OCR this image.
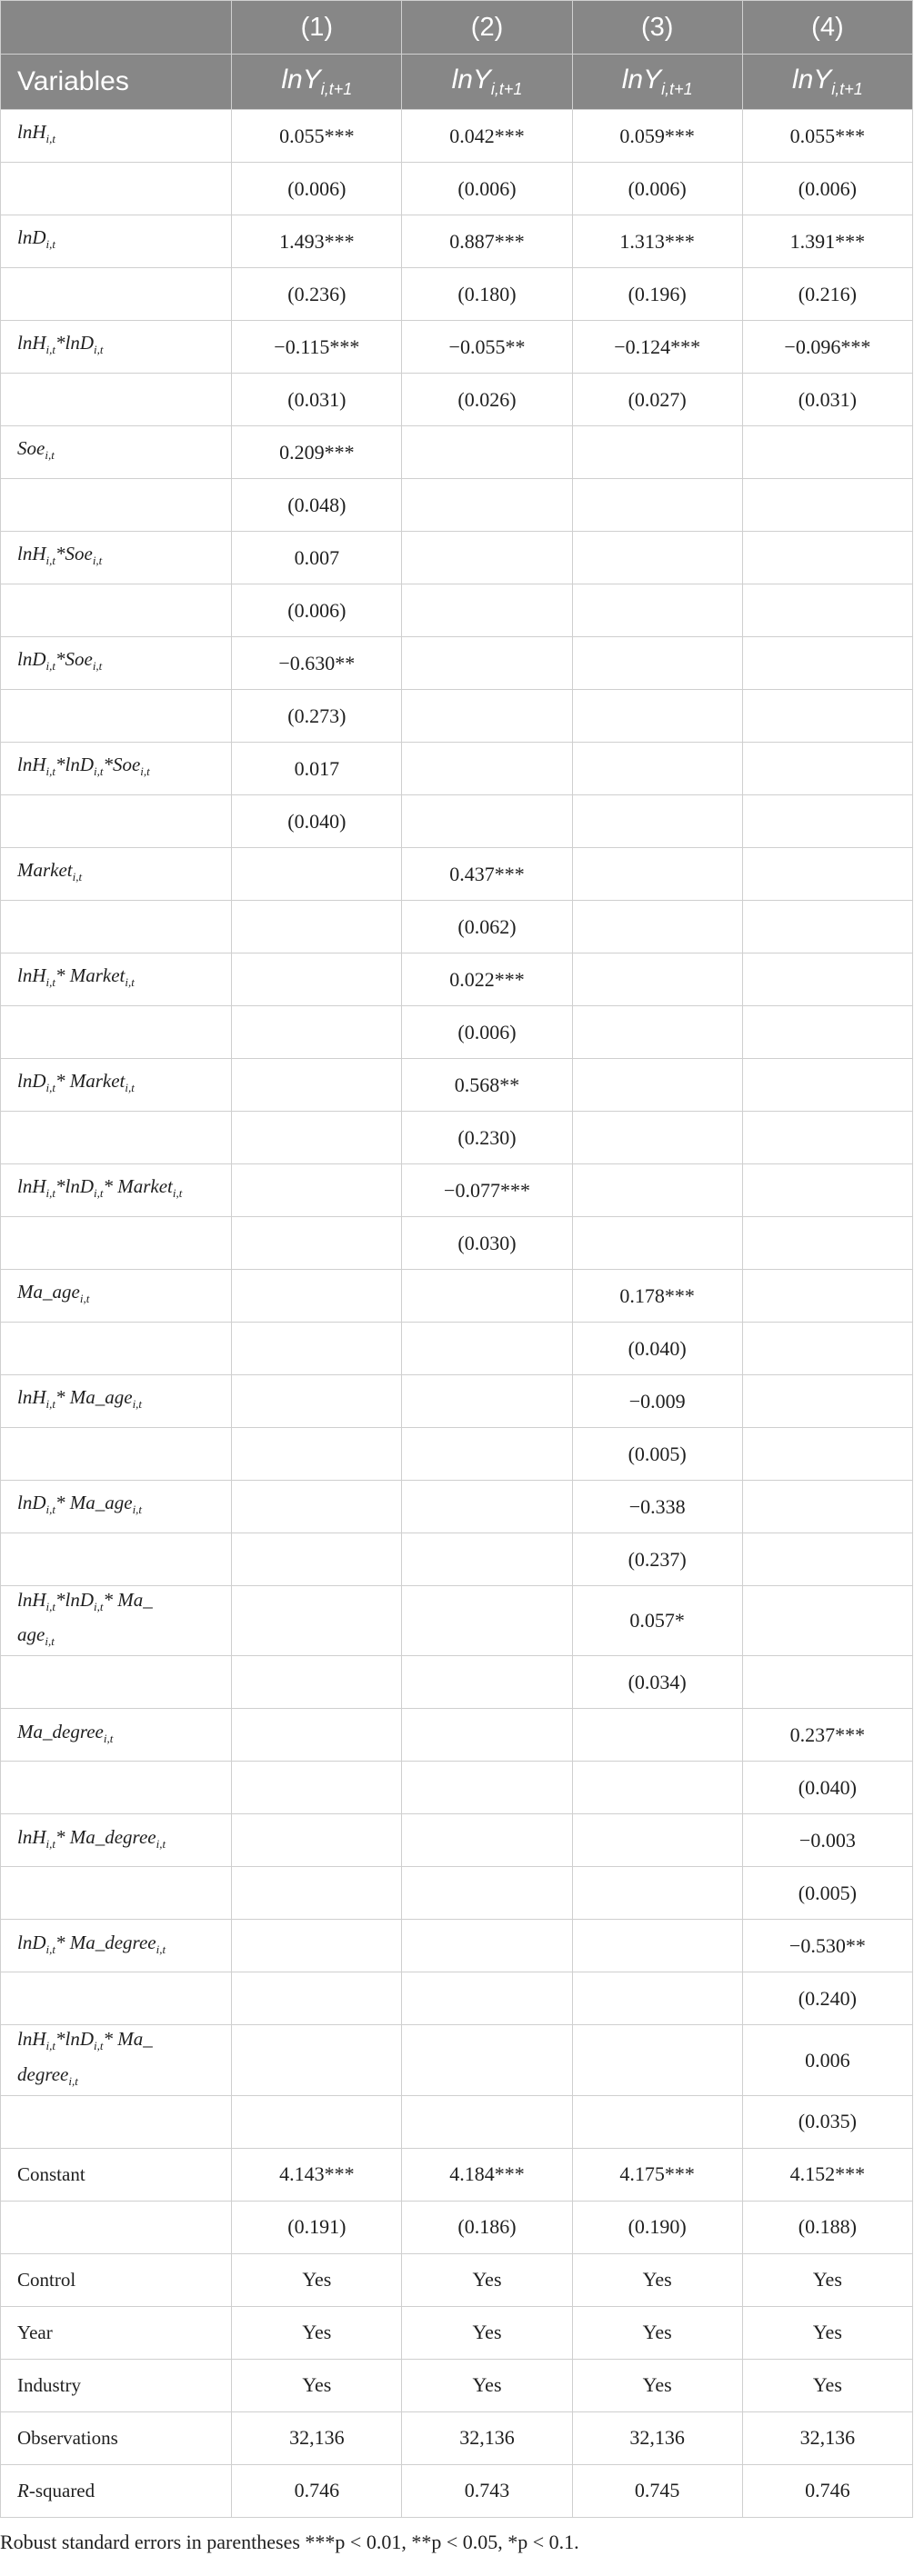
	(1)	(2)	(3)	(4)
Variables	lnY$_{i,t+1}$	lnY$_{i,t+1}$	lnY$_{i,t+1}$	lnY$_{i,t+1}$
lnH$_{i,t}$	0.055***	0.042***	0.059***	0.055***
	(0.006)	(0.006)	(0.006)	(0.006)
lnD$_{i,t}$	1.493***	0.887***	1.313***	1.391***
	(0.236)	(0.180)	(0.196)	(0.216)
lnH$_{i,t}$*lnD$_{i,t}$	−0.115***	−0.055**	−0.124***	−0.096***
	(0.031)	(0.026)	(0.027)	(0.031)
Soe$_{i,t}$	0.209***			
	(0.048)			
lnH$_{i,t}$*Soe$_{i,t}$	0.007			
	(0.006)			
lnD$_{i,t}$*Soe$_{i,t}$	−0.630**			
	(0.273)			
lnH$_{i,t}$*lnD$_{i,t}$*Soe$_{i,t}$	0.017			
	(0.040)			
Market$_{i,t}$		0.437***		
		(0.062)		
lnH$_{i,t}$* Market$_{i,t}$		0.022***		
		(0.006)		
lnD$_{i,t}$* Market$_{i,t}$		0.568**		
		(0.230)		
lnH$_{i,t}$*lnD$_{i,t}$* Market$_{i,t}$		−0.077***		
		(0.030)		
Ma_age$_{i,t}$			0.178***	
			(0.040)	
lnH$_{i,t}$* Ma_age$_{i,t}$			−0.009	
			(0.005)	
lnD$_{i,t}$* Ma_age$_{i,t}$			−0.338	
			(0.237)	
lnH$_{i,t}$*lnD$_{i,t}$* Ma_
age$_{i,t}$			0.057*	
			(0.034)	
Ma_degree$_{i,t}$				0.237***
				(0.040)
lnH$_{i,t}$* Ma_degree$_{i,t}$				−0.003
				(0.005)
lnD$_{i,t}$* Ma_degree$_{i,t}$				−0.530**
				(0.240)
lnH$_{i,t}$*lnD$_{i,t}$* Ma_
degree$_{i,t}$				0.006
				(0.035)
Constant	4.143***	4.184***	4.175***	4.152***
	(0.191)	(0.186)	(0.190)	(0.188)
Control	Yes	Yes	Yes	Yes
Year	Yes	Yes	Yes	Yes
Industry	Yes	Yes	Yes	Yes
Observations	32,136	32,136	32,136	32,136
R-squared	0.746	0.743	0.745	0.746
Robust standard errors in parentheses ***p < 0.01, **p < 0.05, *p < 0.1.
